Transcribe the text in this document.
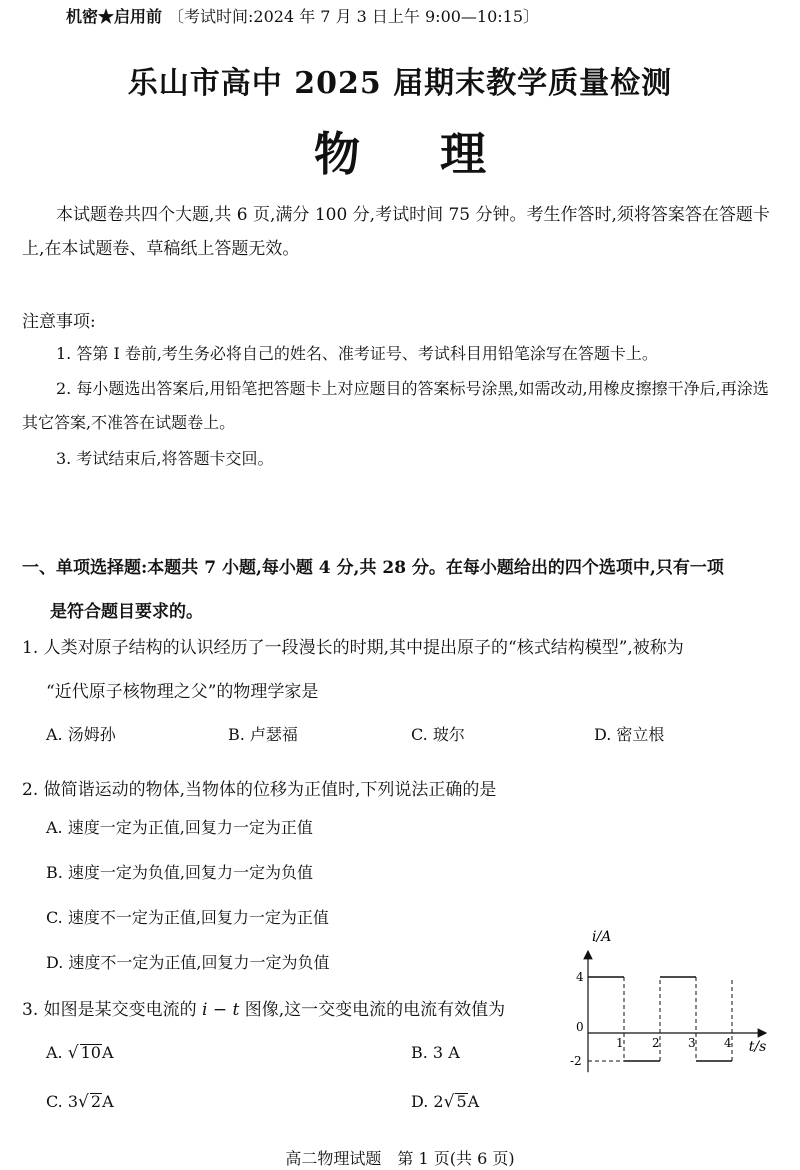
机密★启用前 〔考试时间:2024 年 7 月 3 日上午 9:00—10:15〕
乐山市高中 2025 届期末教学质量检测
物理
本试题卷共四个大题,共 6 页,满分 100 分,考试时间 75 分钟。考生作答时,须将答案答在答题卡上,在本试题卷、草稿纸上答题无效。
注意事项:
1. 答第 Ⅰ 卷前,考生务必将自己的姓名、准考证号、考试科目用铅笔涂写在答题卡上。
2. 每小题选出答案后,用铅笔把答题卡上对应题目的答案标号涂黑,如需改动,用橡皮擦擦干净后,再涂选其它答案,不准答在试题卷上。
3. 考试结束后,将答题卡交回。
一、单项选择题:本题共 7 小题,每小题 4 分,共 28 分。在每小题给出的四个选项中,只有一项
是符合题目要求的。
1. 人类对原子结构的认识经历了一段漫长的时期,其中提出原子的“核式结构模型”,被称为
“近代原子核物理之父”的物理学家是
A. 汤姆孙	B. 卢瑟福	C. 玻尔	D. 密立根
2. 做简谐运动的物体,当物体的位移为正值时,下列说法正确的是
A. 速度一定为正值,回复力一定为正值
B. 速度一定为负值,回复力一定为负值
C. 速度不一定为正值,回复力一定为正值
D. 速度不一定为正值,回复力一定为负值
3. 如图是某交变电流的 i − t 图像,这一交变电流的电流有效值为
A. √ 10A	B. 3 A
C. 3√ 2A	D. 2√ 5A
1 2 3 4
4
0
-2
i/A
t/s
高二物理试题　第 1 页(共 6 页)
